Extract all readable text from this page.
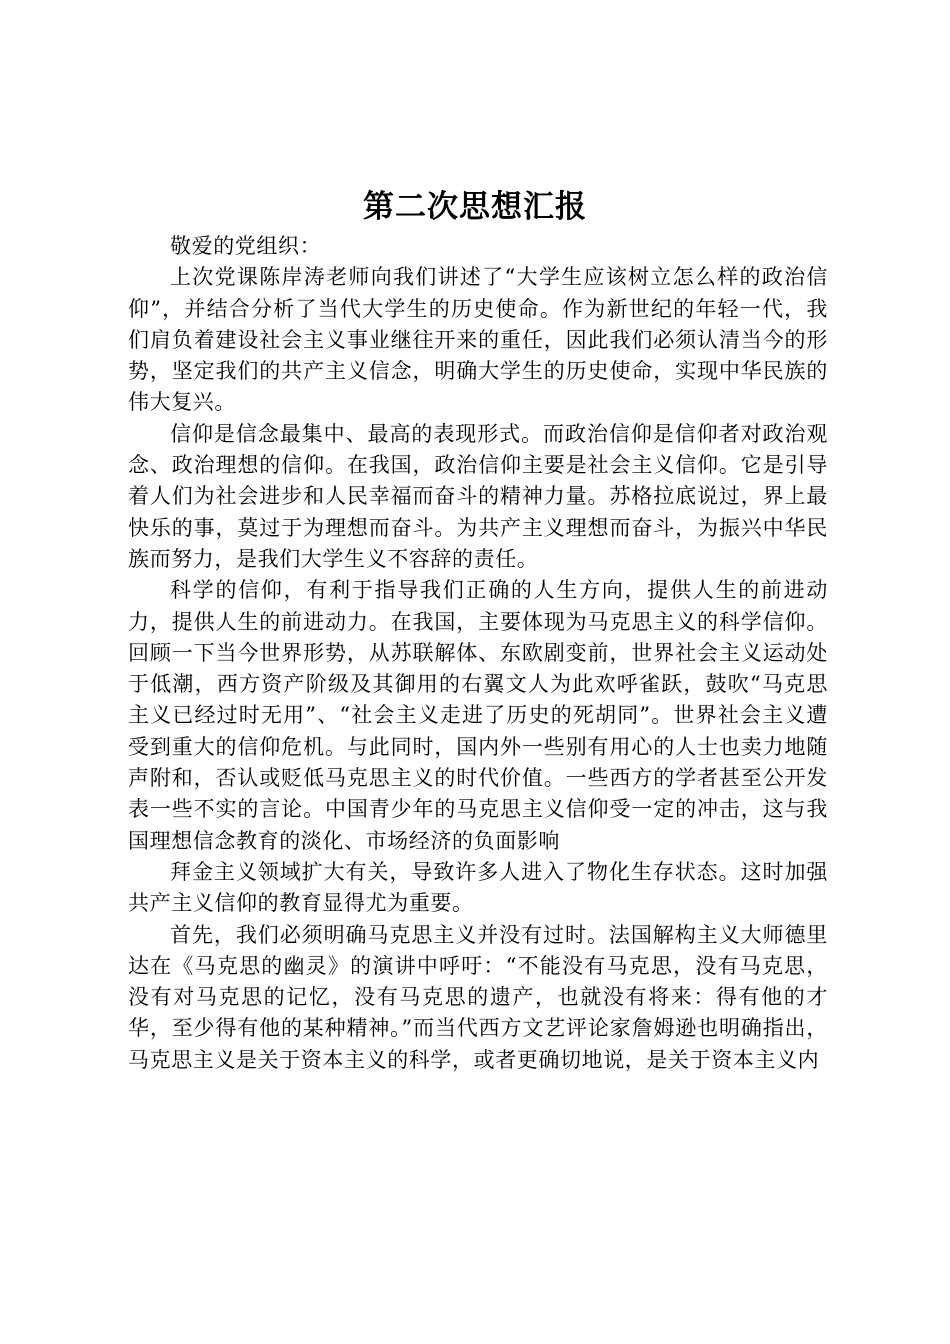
第二次思想汇报

敬爱的党组织：

上次党课陈岸涛老师向我们讲述了“大学生应该树立怎么样的政治信仰”，并结合分析了当代大学生的历史使命。作为新世纪的年轻一代，我们肩负着建设社会主义事业继往开来的重任，因此我们必须认清当今的形势，坚定我们的共产主义信念，明确大学生的历史使命，实现中华民族的伟大复兴。

信仰是信念最集中、最高的表现形式。而政治信仰是信仰者对政治观念、政治理想的信仰。在我国，政治信仰主要是社会主义信仰。它是引导着人们为社会进步和人民幸福而奋斗的精神力量。苏格拉底说过，界上最快乐的事，莫过于为理想而奋斗。为共产主义理想而奋斗，为振兴中华民族而努力，是我们大学生义不容辞的责任。

科学的信仰，有利于指导我们正确的人生方向，提供人生的前进动力，提供人生的前进动力。在我国，主要体现为马克思主义的科学信仰。回顾一下当今世界形势，从苏联解体、东欧剧变前，世界社会主义运动处于低潮，西方资产阶级及其御用的右翼文人为此欢呼雀跃，鼓吹“马克思主义已经过时无用”、“社会主义走进了历史的死胡同”。世界社会主义遭受到重大的信仰危机。与此同时，国内外一些别有用心的人士也卖力地随声附和，否认或贬低马克思主义的时代价值。一些西方的学者甚至公开发表一些不实的言论。中国青少年的马克思主义信仰受一定的冲击，这与我国理想信念教育的淡化、市场经济的负面影响

拜金主义领域扩大有关，导致许多人进入了物化生存状态。这时加强共产主义信仰的教育显得尤为重要。

首先，我们必须明确马克思主义并没有过时。法国解构主义大师德里达在《马克思的幽灵》的演讲中呼吁：“不能没有马克思，没有马克思，没有对马克思的记忆，没有马克思的遗产，也就没有将来：得有他的才华，至少得有他的某种精神。”而当代西方文艺评论家詹姆逊也明确指出，马克思主义是关于资本主义的科学，或者更确切地说，是关于资本主义内
